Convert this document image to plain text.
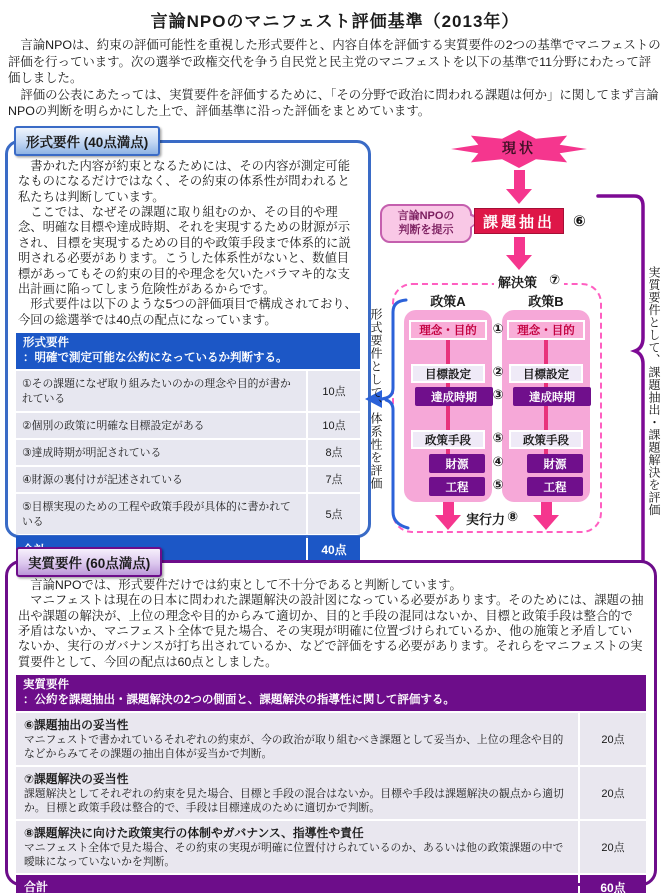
言論NPOのマニフェスト評価基準（2013年）

　言論NPOは、約束の評価可能性を重視した形式要件と、内容自体を評価する実質要件の2つの基準でマニフェストの評価を行っています。次の選挙で政権交代を争う自民党と民主党のマニフェストを以下の基準で11分野にわたって評価しました。

　評価の公表にあたっては、実質要件を評価するために、「その分野で政治に問われる課題は何か」に関してまず言論NPOの判断を明らかにした上で、評価基準に沿った評価をまとめています。

　書かれた内容が約束となるためには、その内容が測定可能なものになるだけではなく、その約束の体系性が問われると私たちは判断しています。

　ここでは、なぜその課題に取り組むのか、その目的や理念、明確な目標や達成時期、それを実現するための財源が示され、目標を実現するための目的や政策手段まで体系的に説明される必要があります。こうした体系性がないと、数値目標があってもその約束の目的や理念を欠いたバラマキ的な支出計画に陥ってしまう危険性があるからです。

　形式要件は以下のような5つの評価項目で構成されており、今回の総選挙では40点の配点になっています。

形式要件
：明確で測定可能な公約になっているか判断する。
①その課題になぜ取り組みたいのかの理念や目的が書かれている
10点
②個別の政策に明確な目標設定がある	10点
③達成時期が明記されている	8点
④財源の裏付けが記述されている	7点
⑤目標実現のための工程や政策手段が具体的に書かれている
5点
40点
形式要件 (40点満点)	現状
言論NPOの
判断を提示	課題抽出	⑥
解決策 ⑦
政策A	政策B
理念・目的
目標設定
達成時期
政策手段
財源
工程
理念・目的
目標設定
達成時期
政策手段
財源
工程
①
②
③
⑤
④
⑤
実行力 ⑧
形式要件として、体系性を評価	実質要件として、課題抽出・課題解決を評価

　言論NPOでは、形式要件だけでは約束として不十分であると判断しています。

　マニフェストは現在の日本に問われた課題解決の設計図になっている必要があります。そのためには、課題の抽出や課題の解決が、上位の理念や目的からみて適切か、目的と手段の混同はないか、目標と政策手段は整合的で矛盾はないか、マニフェスト全体で見た場合、その実現が明確に位置づけられているか、他の施策と矛盾していないか、実行のガバナンスが打ち出されているか、などで評価をする必要があります。それらをマニフェストの実質要件として、今回の配点は60点としました。

実質要件
：公約を課題抽出・課題解決の2つの側面と、課題解決の指導性に関して評価する。
⑥課題抽出の妥当性
マニフェストで書かれているそれぞれの約束が、今の政治が取り組むべき課題として妥当か、上位の理念や目的などからみてその課題の抽出自体が妥当かで判断。
20点
⑦課題解決の妥当性
課題解決としてそれぞれの約束を見た場合、目標と手段の混合はないか。目標や手段は課題解決の観点から適切か。目標と政策手段は整合的で、手段は目標達成のために適切かで判断。
20点
⑧課題解決に向けた政策実行の体制やガバナンス、指導性や責任
マニフェスト全体で見た場合、その約束の実現が明確に位置付けられているのか、あるいは他の政策課題の中で曖昧になっていないかを判断。
20点
合計	60点
実質要件 (60点満点)
